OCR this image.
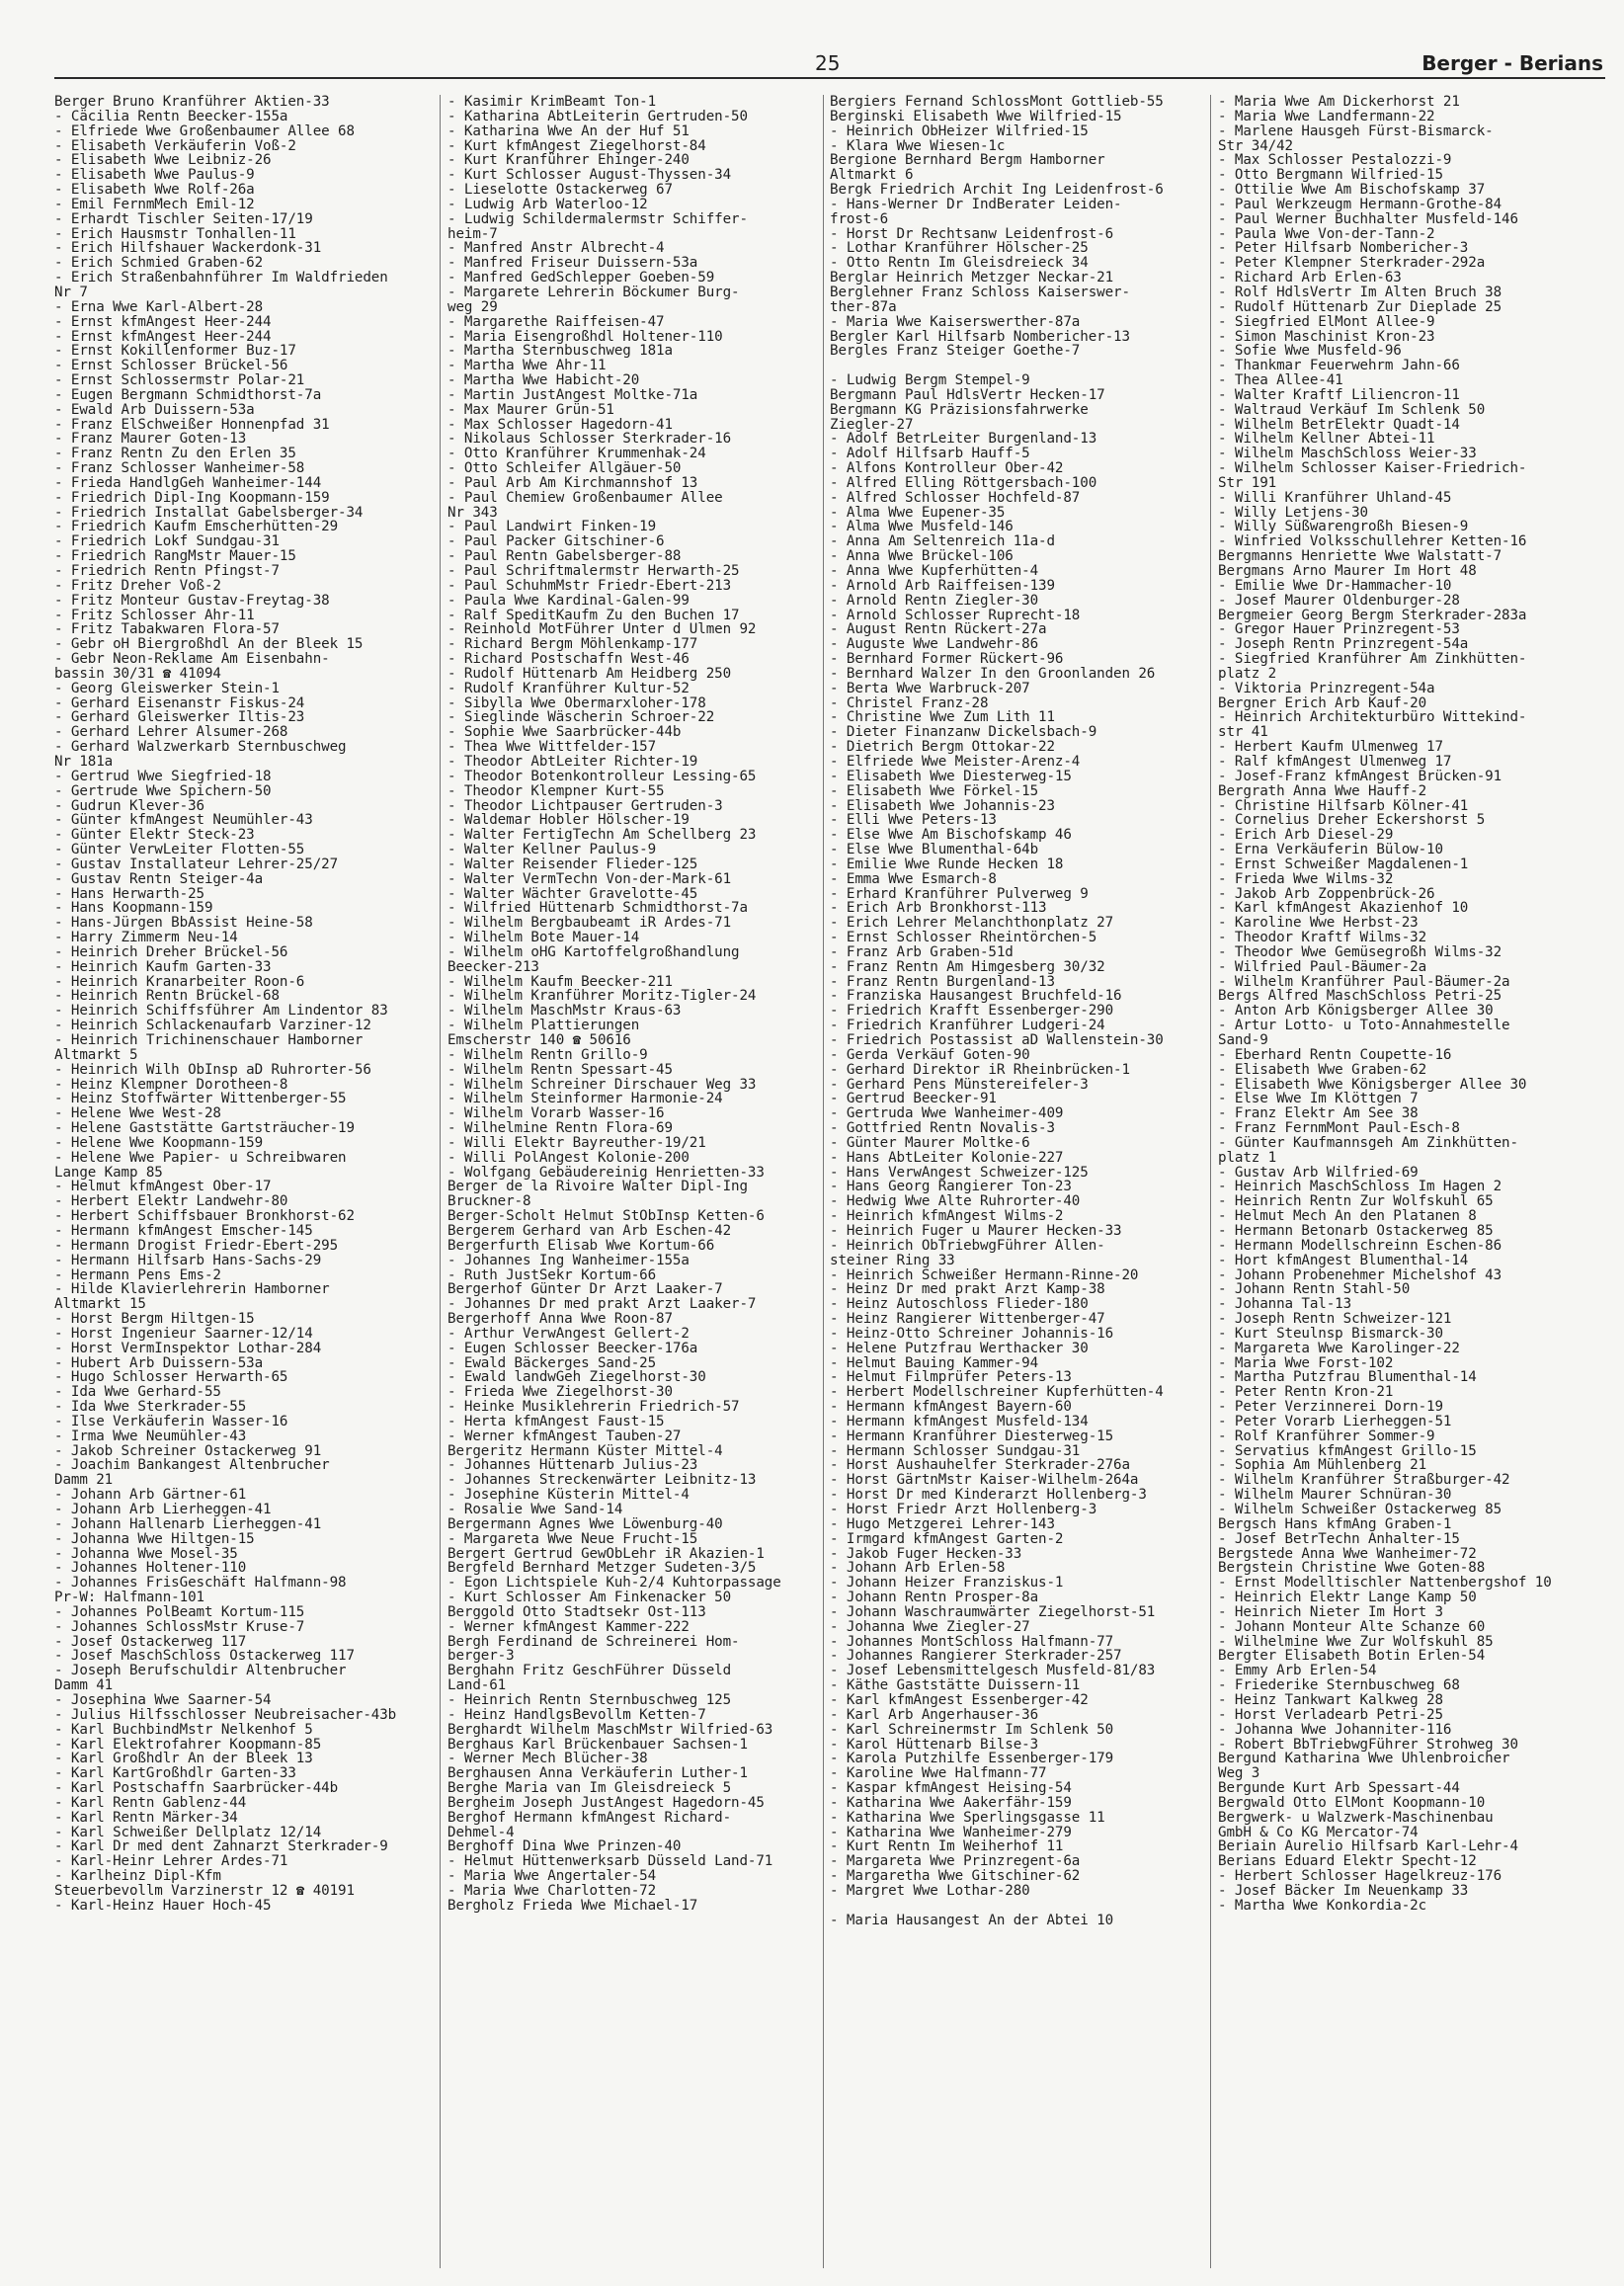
25	Berger - Berians
Berger Bruno Kranführer Aktien-33
- Cäcilia Rentn Beecker-155a
- Elfriede Wwe Großenbaumer Allee 68
- Elisabeth Verkäuferin Voß-2
- Elisabeth Wwe Leibniz-26
- Elisabeth Wwe Paulus-9
- Elisabeth Wwe Rolf-26a
- Emil FernmMech Emil-12
- Erhardt Tischler Seiten-17/19
- Erich Hausmstr Tonhallen-11
- Erich Hilfshauer Wackerdonk-31
- Erich Schmied Graben-62
- Erich Straßenbahnführer Im Waldfrieden
Nr 7
- Erna Wwe Karl-Albert-28
- Ernst kfmAngest Heer-244
- Ernst kfmAngest Heer-244
- Ernst Kokillenformer Buz-17
- Ernst Schlosser Brückel-56
- Ernst Schlossermstr Polar-21
- Eugen Bergmann Schmidthorst-7a
- Ewald Arb Duissern-53a
- Franz ElSchweißer Honnenpfad 31
- Franz Maurer Goten-13
- Franz Rentn Zu den Erlen 35
- Franz Schlosser Wanheimer-58
- Frieda HandlgGeh Wanheimer-144
- Friedrich Dipl-Ing Koopmann-159
- Friedrich Installat Gabelsberger-34
- Friedrich Kaufm Emscherhütten-29
- Friedrich Lokf Sundgau-31
- Friedrich RangMstr Mauer-15
- Friedrich Rentn Pfingst-7
- Fritz Dreher Voß-2
- Fritz Monteur Gustav-Freytag-38
- Fritz Schlosser Ahr-11
- Fritz Tabakwaren Flora-57
- Gebr oH Biergroßhdl An der Bleek 15
- Gebr Neon-Reklame Am Eisenbahn-
bassin 30/31 ☎ 41094
- Georg Gleiswerker Stein-1
- Gerhard Eisenanstr Fiskus-24
- Gerhard Gleiswerker Iltis-23
- Gerhard Lehrer Alsumer-268
- Gerhard Walzwerkarb Sternbuschweg
Nr 181a
- Gertrud Wwe Siegfried-18
- Gertrude Wwe Spichern-50
- Gudrun Klever-36
- Günter kfmAngest Neumühler-43
- Günter Elektr Steck-23
- Günter VerwLeiter Flotten-55
- Gustav Installateur Lehrer-25/27
- Gustav Rentn Steiger-4a
- Hans Herwarth-25
- Hans Koopmann-159
- Hans-Jürgen BbAssist Heine-58
- Harry Zimmerm Neu-14
- Heinrich Dreher Brückel-56
- Heinrich Kaufm Garten-33
- Heinrich Kranarbeiter Roon-6
- Heinrich Rentn Brückel-68
- Heinrich Schiffsführer Am Lindentor 83
- Heinrich Schlackenaufarb Varziner-12
- Heinrich Trichinenschauer Hamborner
Altmarkt 5
- Heinrich Wilh ObInsp aD Ruhrorter-56
- Heinz Klempner Dorotheen-8
- Heinz Stoffwärter Wittenberger-55
- Helene Wwe West-28
- Helene Gaststätte Gartsträucher-19
- Helene Wwe Koopmann-159
- Helene Wwe Papier- u Schreibwaren
Lange Kamp 85
- Helmut kfmAngest Ober-17
- Herbert Elektr Landwehr-80
- Herbert Schiffsbauer Bronkhorst-62
- Hermann kfmAngest Emscher-145
- Hermann Drogist Friedr-Ebert-295
- Hermann Hilfsarb Hans-Sachs-29
- Hermann Pens Ems-2
- Hilde Klavierlehrerin Hamborner
Altmarkt 15
- Horst Bergm Hiltgen-15
- Horst Ingenieur Saarner-12/14
- Horst VermInspektor Lothar-284
- Hubert Arb Duissern-53a
- Hugo Schlosser Herwarth-65
- Ida Wwe Gerhard-55
- Ida Wwe Sterkrader-55
- Ilse Verkäuferin Wasser-16
- Irma Wwe Neumühler-43
- Jakob Schreiner Ostackerweg 91
- Joachim Bankangest Altenbrucher
Damm 21
- Johann Arb Gärtner-61
- Johann Arb Lierheggen-41
- Johann Hallenarb Lierheggen-41
- Johanna Wwe Hiltgen-15
- Johanna Wwe Mosel-35
- Johannes Holtener-110
- Johannes FrisGeschäft Halfmann-98
Pr-W: Halfmann-101
- Johannes PolBeamt Kortum-115
- Johannes SchlossMstr Kruse-7
- Josef Ostackerweg 117
- Josef MaschSchloss Ostackerweg 117
- Joseph Berufschuldir Altenbrucher
Damm 41
- Josephina Wwe Saarner-54
- Julius Hilfsschlosser Neubreisacher-43b
- Karl BuchbindMstr Nelkenhof 5
- Karl Elektrofahrer Koopmann-85
- Karl Großhdlr An der Bleek 13
- Karl KartGroßhdlr Garten-33
- Karl Postschaffn Saarbrücker-44b
- Karl Rentn Gablenz-44
- Karl Rentn Märker-34
- Karl Schweißer Dellplatz 12/14
- Karl Dr med dent Zahnarzt Sterkrader-9
- Karl-Heinr Lehrer Ardes-71
- Karlheinz Dipl-Kfm
Steuerbevollm Varzinerstr 12 ☎ 40191
- Karl-Heinz Hauer Hoch-45
- Kasimir KrimBeamt Ton-1
- Katharina AbtLeiterin Gertruden-50
- Katharina Wwe An der Huf 51
- Kurt kfmAngest Ziegelhorst-84
- Kurt Kranführer Ehinger-240
- Kurt Schlosser August-Thyssen-34
- Lieselotte Ostackerweg 67
- Ludwig Arb Waterloo-12
- Ludwig Schildermalermstr Schiffer-
heim-7
- Manfred Anstr Albrecht-4
- Manfred Friseur Duissern-53a
- Manfred GedSchlepper Goeben-59
- Margarete Lehrerin Böckumer Burg-
weg 29
- Margarethe Raiffeisen-47
- Maria Eisengroßhdl Holtener-110
- Martha Sternbuschweg 181a
- Martha Wwe Ahr-11
- Martha Wwe Habicht-20
- Martin JustAngest Moltke-71a
- Max Maurer Grün-51
- Max Schlosser Hagedorn-41
- Nikolaus Schlosser Sterkrader-16
- Otto Kranführer Krummenhak-24
- Otto Schleifer Allgäuer-50
- Paul Arb Am Kirchmannshof 13
- Paul Chemiew Großenbaumer Allee
Nr 343
- Paul Landwirt Finken-19
- Paul Packer Gitschiner-6
- Paul Rentn Gabelsberger-88
- Paul Schriftmalermstr Herwarth-25
- Paul SchuhmMstr Friedr-Ebert-213
- Paula Wwe Kardinal-Galen-99
- Ralf SpeditKaufm Zu den Buchen 17
- Reinhold MotFührer Unter d Ulmen 92
- Richard Bergm Möhlenkamp-177
- Richard Postschaffn West-46
- Rudolf Hüttenarb Am Heidberg 250
- Rudolf Kranführer Kultur-52
- Sibylla Wwe Obermarxloher-178
- Sieglinde Wäscherin Schroer-22
- Sophie Wwe Saarbrücker-44b
- Thea Wwe Wittfelder-157
- Theodor AbtLeiter Richter-19
- Theodor Botenkontrolleur Lessing-65
- Theodor Klempner Kurt-55
- Theodor Lichtpauser Gertruden-3
- Waldemar Hobler Hölscher-19
- Walter FertigTechn Am Schellberg 23
- Walter Kellner Paulus-9
- Walter Reisender Flieder-125
- Walter VermTechn Von-der-Mark-61
- Walter Wächter Gravelotte-45
- Wilfried Hüttenarb Schmidthorst-7a
- Wilhelm Bergbaubeamt iR Ardes-71
- Wilhelm Bote Mauer-14
- Wilhelm oHG Kartoffelgroßhandlung
Beecker-213
- Wilhelm Kaufm Beecker-211
- Wilhelm Kranführer Moritz-Tigler-24
- Wilhelm MaschMstr Kraus-63
- Wilhelm Plattierungen
Emscherstr 140 ☎ 50616
- Wilhelm Rentn Grillo-9
- Wilhelm Rentn Spessart-45
- Wilhelm Schreiner Dirschauer Weg 33
- Wilhelm Steinformer Harmonie-24
- Wilhelm Vorarb Wasser-16
- Wilhelmine Rentn Flora-69
- Willi Elektr Bayreuther-19/21
- Willi PolAngest Kolonie-200
- Wolfgang Gebäudereinig Henrietten-33
Berger de la Rivoire Walter Dipl-Ing
Bruckner-8
Berger-Scholt Helmut StObInsp Ketten-6
Bergerem Gerhard van Arb Eschen-42
Bergerfurth Elisab Wwe Kortum-66
- Johannes Ing Wanheimer-155a
- Ruth JustSekr Kortum-66
Bergerhof Günter Dr Arzt Laaker-7
- Johannes Dr med prakt Arzt Laaker-7
Bergerhoff Anna Wwe Roon-87
- Arthur VerwAngest Gellert-2
- Eugen Schlosser Beecker-176a
- Ewald Bäckerges Sand-25
- Ewald landwGeh Ziegelhorst-30
- Frieda Wwe Ziegelhorst-30
- Heinke Musiklehrerin Friedrich-57
- Herta kfmAngest Faust-15
- Werner kfmAngest Tauben-27
Bergeritz Hermann Küster Mittel-4
- Johannes Hüttenarb Julius-23
- Johannes Streckenwärter Leibnitz-13
- Josephine Küsterin Mittel-4
- Rosalie Wwe Sand-14
Bergermann Agnes Wwe Löwenburg-40
- Margareta Wwe Neue Frucht-15
Bergert Gertrud GewObLehr iR Akazien-1
Bergfeld Bernhard Metzger Sudeten-3/5
- Egon Lichtspiele Kuh-2/4 Kuhtorpassage
- Kurt Schlosser Am Finkenacker 50
Berggold Otto Stadtsekr Ost-113
- Werner kfmAngest Kammer-222
Bergh Ferdinand de Schreinerei Hom-
berger-3
Berghahn Fritz GeschFührer Düsseld
Land-61
- Heinrich Rentn Sternbuschweg 125
- Heinz HandlgsBevollm Ketten-7
Berghardt Wilhelm MaschMstr Wilfried-63
Berghaus Karl Brückenbauer Sachsen-1
- Werner Mech Blücher-38
Berghausen Anna Verkäuferin Luther-1
Berghe Maria van Im Gleisdreieck 5
Bergheim Joseph JustAngest Hagedorn-45
Berghof Hermann kfmAngest Richard-
Dehmel-4
Berghoff Dina Wwe Prinzen-40
- Helmut Hüttenwerksarb Düsseld Land-71
- Maria Wwe Angertaler-54
- Maria Wwe Charlotten-72
Bergholz Frieda Wwe Michael-17
Bergiers Fernand SchlossMont Gottlieb-55
Berginski Elisabeth Wwe Wilfried-15
- Heinrich ObHeizer Wilfried-15
- Klara Wwe Wiesen-1c
Bergione Bernhard Bergm Hamborner
Altmarkt 6
Bergk Friedrich Archit Ing Leidenfrost-6
- Hans-Werner Dr IndBerater Leiden-
frost-6
- Horst Dr Rechtsanw Leidenfrost-6
- Lothar Kranführer Hölscher-25
- Otto Rentn Im Gleisdreieck 34
Berglar Heinrich Metzger Neckar-21
Berglehner Franz Schloss Kaiserswer-
ther-87a
- Maria Wwe Kaiserswerther-87a
Bergler Karl Hilfsarb Nombericher-13
Bergles Franz Steiger Goethe-7

- Ludwig Bergm Stempel-9
Bergmann Paul HdlsVertr Hecken-17
Bergmann KG Präzisionsfahrwerke
Ziegler-27
- Adolf BetrLeiter Burgenland-13
- Adolf Hilfsarb Hauff-5
- Alfons Kontrolleur Ober-42
- Alfred Elling Röttgersbach-100
- Alfred Schlosser Hochfeld-87
- Alma Wwe Eupener-35
- Alma Wwe Musfeld-146
- Anna Am Seltenreich 11a-d
- Anna Wwe Brückel-106
- Anna Wwe Kupferhütten-4
- Arnold Arb Raiffeisen-139
- Arnold Rentn Ziegler-30
- Arnold Schlosser Ruprecht-18
- August Rentn Rückert-27a
- Auguste Wwe Landwehr-86
- Bernhard Former Rückert-96
- Bernhard Walzer In den Groonlanden 26
- Berta Wwe Warbruck-207
- Christel Franz-28
- Christine Wwe Zum Lith 11
- Dieter Finanzanw Dickelsbach-9
- Dietrich Bergm Ottokar-22
- Elfriede Wwe Meister-Arenz-4
- Elisabeth Wwe Diesterweg-15
- Elisabeth Wwe Förkel-15
- Elisabeth Wwe Johannis-23
- Elli Wwe Peters-13
- Else Wwe Am Bischofskamp 46
- Else Wwe Blumenthal-64b
- Emilie Wwe Runde Hecken 18
- Emma Wwe Esmarch-8
- Erhard Kranführer Pulverweg 9
- Erich Arb Bronkhorst-113
- Erich Lehrer Melanchthonplatz 27
- Ernst Schlosser Rheintörchen-5
- Franz Arb Graben-51d
- Franz Rentn Am Himgesberg 30/32
- Franz Rentn Burgenland-13
- Franziska Hausangest Bruchfeld-16
- Friedrich Krafft Essenberger-290
- Friedrich Kranführer Ludgeri-24
- Friedrich Postassist aD Wallenstein-30
- Gerda Verkäuf Goten-90
- Gerhard Direktor iR Rheinbrücken-1
- Gerhard Pens Münstereifeler-3
- Gertrud Beecker-91
- Gertruda Wwe Wanheimer-409
- Gottfried Rentn Novalis-3
- Günter Maurer Moltke-6
- Hans AbtLeiter Kolonie-227
- Hans VerwAngest Schweizer-125
- Hans Georg Rangierer Ton-23
- Hedwig Wwe Alte Ruhrorter-40
- Heinrich kfmAngest Wilms-2
- Heinrich Fuger u Maurer Hecken-33
- Heinrich ObTriebwgFührer Allen-
steiner Ring 33
- Heinrich Schweißer Hermann-Rinne-20
- Heinz Dr med prakt Arzt Kamp-38
- Heinz Autoschloss Flieder-180
- Heinz Rangierer Wittenberger-47
- Heinz-Otto Schreiner Johannis-16
- Helene Putzfrau Werthacker 30
- Helmut Bauing Kammer-94
- Helmut Filmprüfer Peters-13
- Herbert Modellschreiner Kupferhütten-4
- Hermann kfmAngest Bayern-60
- Hermann kfmAngest Musfeld-134
- Hermann Kranführer Diesterweg-15
- Hermann Schlosser Sundgau-31
- Horst Aushauhelfer Sterkrader-276a
- Horst GärtnMstr Kaiser-Wilhelm-264a
- Horst Dr med Kinderarzt Hollenberg-3
- Horst Friedr Arzt Hollenberg-3
- Hugo Metzgerei Lehrer-143
- Irmgard kfmAngest Garten-2
- Jakob Fuger Hecken-33
- Johann Arb Erlen-58
- Johann Heizer Franziskus-1
- Johann Rentn Prosper-8a
- Johann Waschraumwärter Ziegelhorst-51
- Johanna Wwe Ziegler-27
- Johannes MontSchloss Halfmann-77
- Johannes Rangierer Sterkrader-257
- Josef Lebensmittelgesch Musfeld-81/83
- Käthe Gaststätte Duissern-11
- Karl kfmAngest Essenberger-42
- Karl Arb Angerhauser-36
- Karl Schreinermstr Im Schlenk 50
- Karol Hüttenarb Bilse-3
- Karola Putzhilfe Essenberger-179
- Karoline Wwe Halfmann-77
- Kaspar kfmAngest Heising-54
- Katharina Wwe Aakerfähr-159
- Katharina Wwe Sperlingsgasse 11
- Katharina Wwe Wanheimer-279
- Kurt Rentn Im Weiherhof 11
- Margareta Wwe Prinzregent-6a
- Margaretha Wwe Gitschiner-62
- Margret Wwe Lothar-280

- Maria Hausangest An der Abtei 10
- Maria Wwe Am Dickerhorst 21
- Maria Wwe Landfermann-22
- Marlene Hausgeh Fürst-Bismarck-
Str 34/42
- Max Schlosser Pestalozzi-9
- Otto Bergmann Wilfried-15
- Ottilie Wwe Am Bischofskamp 37
- Paul Werkzeugm Hermann-Grothe-84
- Paul Werner Buchhalter Musfeld-146
- Paula Wwe Von-der-Tann-2
- Peter Hilfsarb Nombericher-3
- Peter Klempner Sterkrader-292a
- Richard Arb Erlen-63
- Rolf HdlsVertr Im Alten Bruch 38
- Rudolf Hüttenarb Zur Dieplade 25
- Siegfried ElMont Allee-9
- Simon Maschinist Kron-23
- Sofie Wwe Musfeld-96
- Thankmar Feuerwehrm Jahn-66
- Thea Allee-41
- Walter Kraftf Liliencron-11
- Waltraud Verkäuf Im Schlenk 50
- Wilhelm BetrElektr Quadt-14
- Wilhelm Kellner Abtei-11
- Wilhelm MaschSchloss Weier-33
- Wilhelm Schlosser Kaiser-Friedrich-
Str 191
- Willi Kranführer Uhland-45
- Willy Letjens-30
- Willy Süßwarengroßh Biesen-9
- Winfried Volksschullehrer Ketten-16
Bergmanns Henriette Wwe Walstatt-7
Bergmans Arno Maurer Im Hort 48
- Emilie Wwe Dr-Hammacher-10
- Josef Maurer Oldenburger-28
Bergmeier Georg Bergm Sterkrader-283a
- Gregor Hauer Prinzregent-53
- Joseph Rentn Prinzregent-54a
- Siegfried Kranführer Am Zinkhütten-
platz 2
- Viktoria Prinzregent-54a
Bergner Erich Arb Kauf-20
- Heinrich Architekturbüro Wittekind-
str 41
- Herbert Kaufm Ulmenweg 17
- Ralf kfmAngest Ulmenweg 17
- Josef-Franz kfmAngest Brücken-91
Bergrath Anna Wwe Hauff-2
- Christine Hilfsarb Kölner-41
- Cornelius Dreher Eckershorst 5
- Erich Arb Diesel-29
- Erna Verkäuferin Bülow-10
- Ernst Schweißer Magdalenen-1
- Frieda Wwe Wilms-32
- Jakob Arb Zoppenbrück-26
- Karl kfmAngest Akazienhof 10
- Karoline Wwe Herbst-23
- Theodor Kraftf Wilms-32
- Theodor Wwe Gemüsegroßh Wilms-32
- Wilfried Paul-Bäumer-2a
- Wilhelm Kranführer Paul-Bäumer-2a
Bergs Alfred MaschSchloss Petri-25
- Anton Arb Königsberger Allee 30
- Artur Lotto- u Toto-Annahmestelle
Sand-9
- Eberhard Rentn Coupette-16
- Elisabeth Wwe Graben-62
- Elisabeth Wwe Königsberger Allee 30
- Else Wwe Im Klöttgen 7
- Franz Elektr Am See 38
- Franz FernmMont Paul-Esch-8
- Günter Kaufmannsgeh Am Zinkhütten-
platz 1
- Gustav Arb Wilfried-69
- Heinrich MaschSchloss Im Hagen 2
- Heinrich Rentn Zur Wolfskuhl 65
- Helmut Mech An den Platanen 8
- Hermann Betonarb Ostackerweg 85
- Hermann Modellschreinn Eschen-86
- Hort kfmAngest Blumenthal-14
- Johann Probenehmer Michelshof 43
- Johann Rentn Stahl-50
- Johanna Tal-13
- Joseph Rentn Schweizer-121
- Kurt Steulnsp Bismarck-30
- Margareta Wwe Karolinger-22
- Maria Wwe Forst-102
- Martha Putzfrau Blumenthal-14
- Peter Rentn Kron-21
- Peter Verzinnerei Dorn-19
- Peter Vorarb Lierheggen-51
- Rolf Kranführer Sommer-9
- Servatius kfmAngest Grillo-15
- Sophia Am Mühlenberg 21
- Wilhelm Kranführer Straßburger-42
- Wilhelm Maurer Schnüran-30
- Wilhelm Schweißer Ostackerweg 85
Bergsch Hans kfmAng Graben-1
- Josef BetrTechn Anhalter-15
Bergstede Anna Wwe Wanheimer-72
Bergstein Christine Wwe Goten-88
- Ernst Modelltischler Nattenbergshof 10
- Heinrich Elektr Lange Kamp 50
- Heinrich Nieter Im Hort 3
- Johann Monteur Alte Schanze 60
- Wilhelmine Wwe Zur Wolfskuhl 85
Bergter Elisabeth Botin Erlen-54
- Emmy Arb Erlen-54
- Friederike Sternbuschweg 68
- Heinz Tankwart Kalkweg 28
- Horst Verladearb Petri-25
- Johanna Wwe Johanniter-116
- Robert BbTriebwgFührer Strohweg 30
Bergund Katharina Wwe Uhlenbroicher
Weg 3
Bergunde Kurt Arb Spessart-44
Bergwald Otto ElMont Koopmann-10
Bergwerk- u Walzwerk-Maschinenbau
GmbH & Co KG Mercator-74
Beriain Aurelio Hilfsarb Karl-Lehr-4
Berians Eduard Elektr Specht-12
- Herbert Schlosser Hagelkreuz-176
- Josef Bäcker Im Neuenkamp 33
- Martha Wwe Konkordia-2c
